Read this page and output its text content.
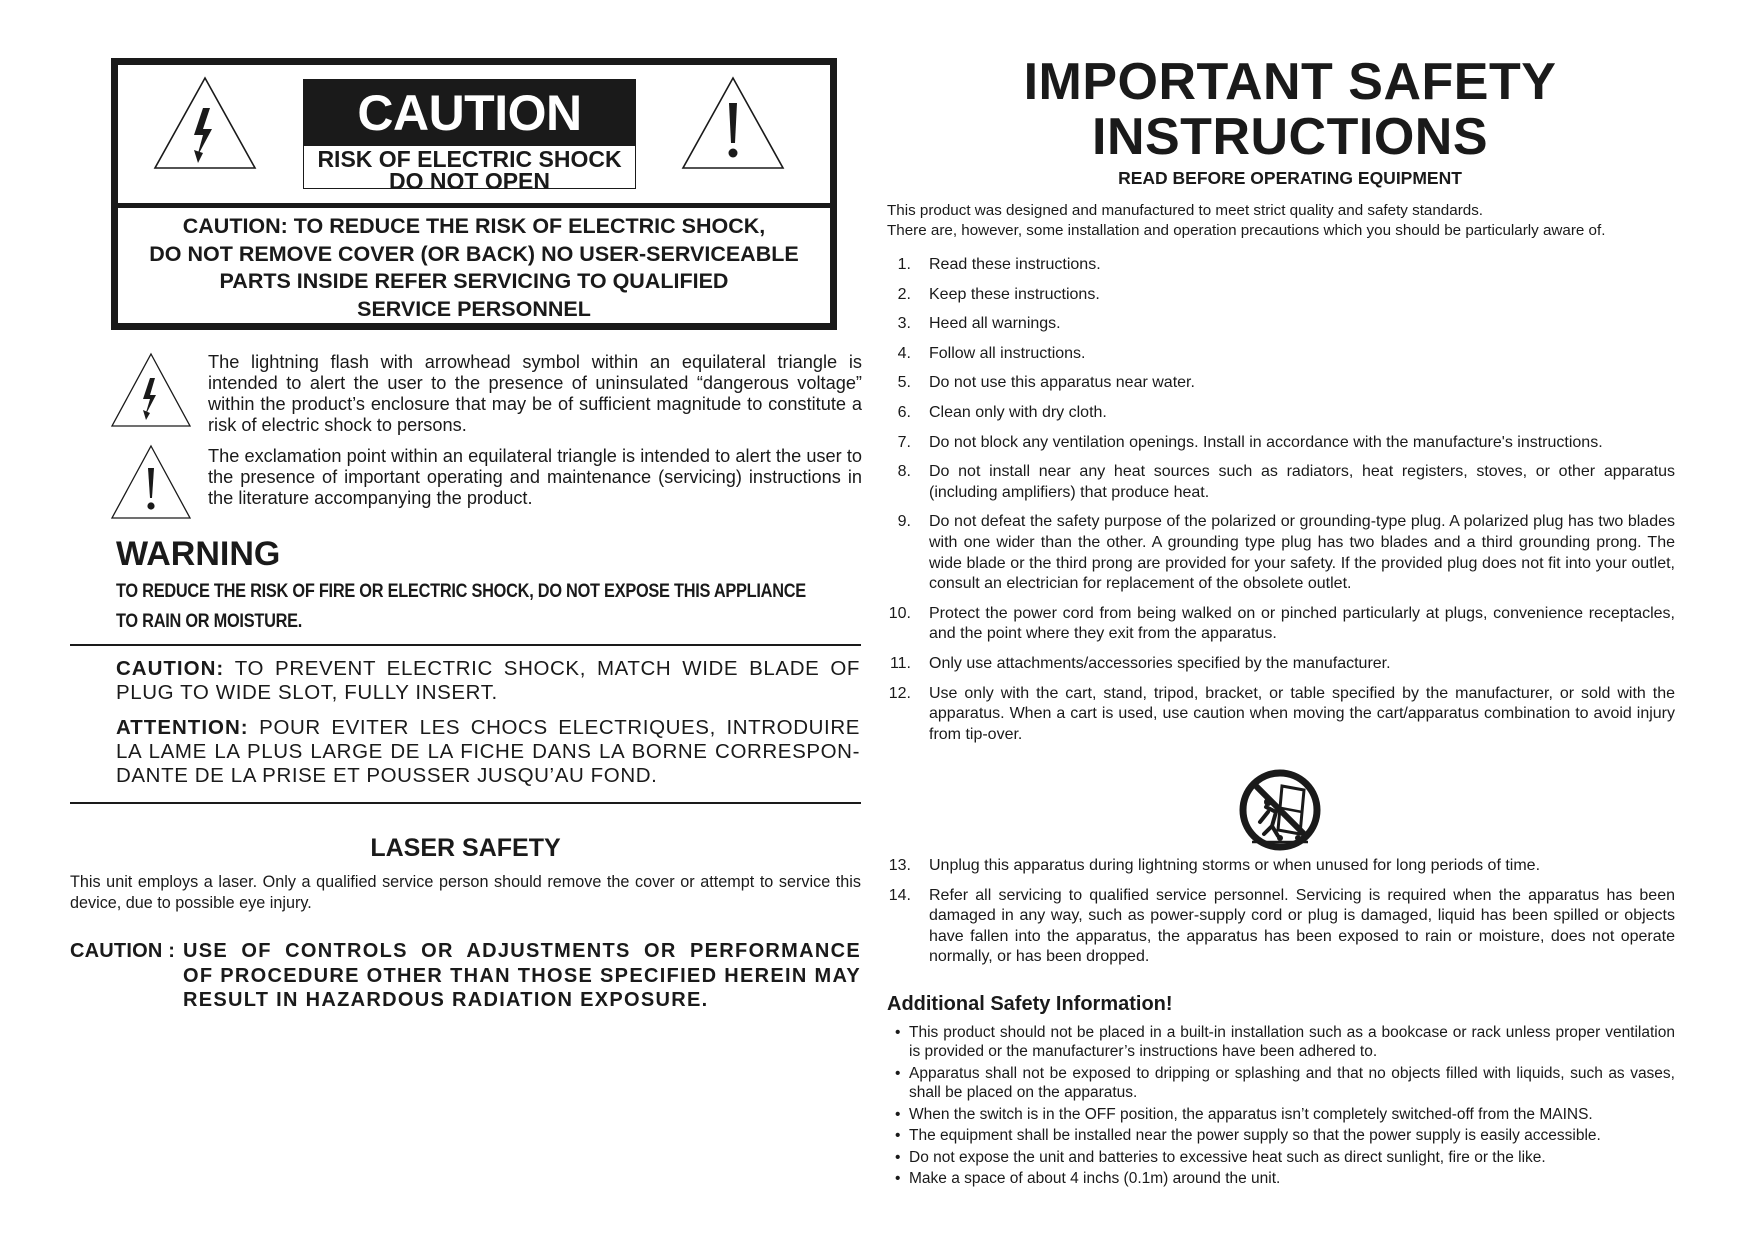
CAUTION
RISK OF ELECTRIC SHOCK
DO NOT OPEN
CAUTION: TO REDUCE THE RISK OF ELECTRIC SHOCK,
DO NOT REMOVE COVER (OR BACK) NO USER-SERVICEABLE
PARTS INSIDE REFER SERVICING TO QUALIFIED
SERVICE PERSONNEL
The lightning flash with arrowhead symbol within an equilateral triangle is intended to alert the user to the presence of uninsulated “dangerous voltage” within the product’s enclosure that may be of sufficient magnitude to constitute a risk of electric shock to persons.
The exclamation point within an equilateral triangle is intended to alert the user to the presence of important operating and maintenance (servicing) instructions in the literature accompanying the product.
WARNING
TO REDUCE THE RISK OF FIRE OR ELECTRIC SHOCK, DO NOT EXPOSE THIS APPLIANCE
TO RAIN OR MOISTURE.
CAUTION: TO PREVENT ELECTRIC SHOCK, MATCH WIDE BLADE OF PLUG TO WIDE SLOT, FULLY INSERT.
ATTENTION: POUR EVITER LES CHOCS ELECTRIQUES, INTRODUIRE LA LAME LA PLUS LARGE DE LA FICHE DANS LA BORNE CORRESPON-DANTE DE LA PRISE ET POUSSER JUSQU’AU FOND.
LASER SAFETY
This unit employs a laser. Only a qualified service person should remove the cover or attempt to service this device, due to possible eye injury.
CAUTION : USE OF CONTROLS OR ADJUSTMENTS OR PERFORMANCE
OF PROCEDURE OTHER THAN THOSE SPECIFIED HEREIN MAY
RESULT IN HAZARDOUS RADIATION EXPOSURE.
IMPORTANT SAFETY
INSTRUCTIONS
READ BEFORE OPERATING EQUIPMENT
This product was designed and manufactured to meet strict quality and safety standards.
There are, however, some installation and operation precautions which you should be particularly aware of.
1. Read these instructions.
2. Keep these instructions.
3. Heed all warnings.
4. Follow all instructions.
5. Do not use this apparatus near water.
6. Clean only with dry cloth.
7. Do not block any ventilation openings. Install in accordance with the manufacture's instructions.
8. Do not install near any heat sources such as radiators, heat registers, stoves, or other apparatus (including amplifiers) that produce heat.
9. Do not defeat the safety purpose of the polarized or grounding-type plug. A polarized plug has two blades with one wider than the other. A grounding type plug has two blades and a third grounding prong. The wide blade or the third prong are provided for your safety. If the provided plug does not fit into your outlet, consult an electrician for replacement of the obsolete outlet.
10. Protect the power cord from being walked on or pinched particularly at plugs, convenience receptacles, and the point where they exit from the apparatus.
11. Only use attachments/accessories specified by the manufacturer.
12. Use only with the cart, stand, tripod, bracket, or table specified by the manufacturer, or sold with the apparatus. When a cart is used, use caution when moving the cart/apparatus combination to avoid injury from tip-over.
13. Unplug this apparatus during lightning storms or when unused for long periods of time.
14. Refer all servicing to qualified service personnel. Servicing is required when the apparatus has been damaged in any way, such as power-supply cord or plug is damaged, liquid has been spilled or objects have fallen into the apparatus, the apparatus has been exposed to rain or moisture, does not operate normally, or has been dropped.
Additional Safety Information!
• This product should not be placed in a built-in installation such as a bookcase or rack unless proper ventilation is provided or the manufacturer’s instructions have been adhered to.
• Apparatus shall not be exposed to dripping or splashing and that no objects filled with liquids, such as vases, shall be placed on the apparatus.
• When the switch is in the OFF position, the apparatus isn’t completely switched-off from the MAINS.
• The equipment shall be installed near the power supply so that the power supply is easily accessible.
• Do not expose the unit and batteries to excessive heat such as direct sunlight, fire or the like.
• Make a space of about 4 inchs (0.1m) around the unit.
